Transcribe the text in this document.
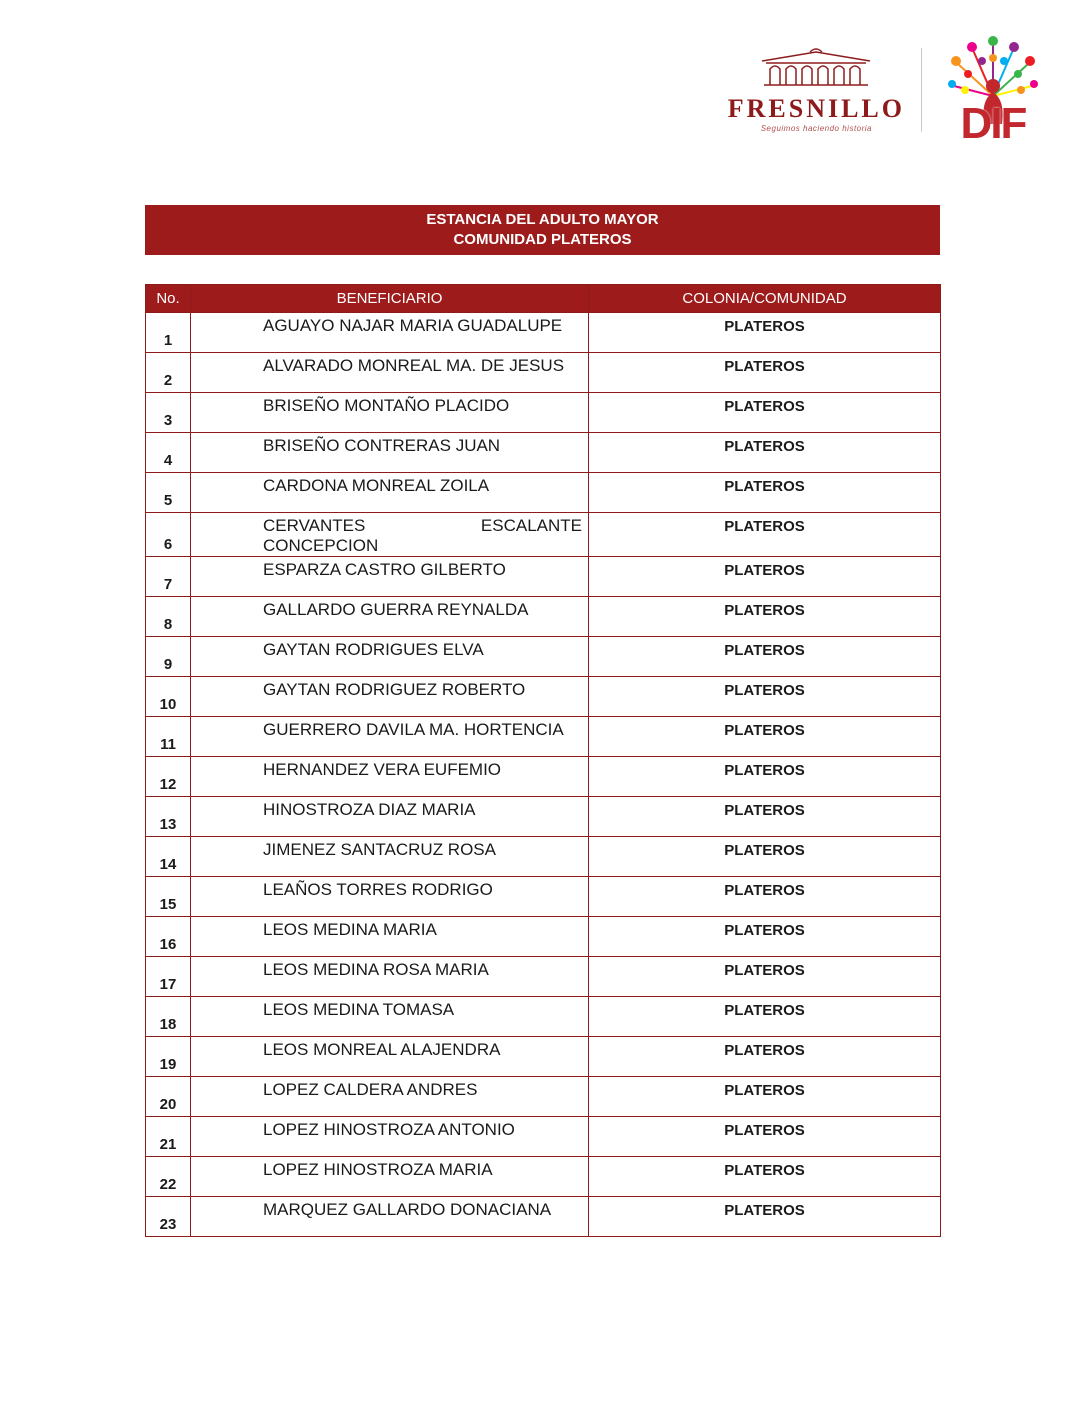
FRESNILLO
Seguimos haciendo historia DIF
ESTANCIA DEL ADULTO MAYOR
COMUNIDAD PLATEROS
No.	BENEFICIARIO	COLONIA/COMUNIDAD
1	AGUAYO NAJAR MARIA GUADALUPE	PLATEROS
2	ALVARADO MONREAL MA. DE JESUS	PLATEROS
3	BRISEÑO MONTAÑO PLACIDO	PLATEROS
4	BRISEÑO CONTRERAS JUAN	PLATEROS
5	CARDONA MONREAL ZOILA	PLATEROS
6	CERVANTES ESCALANTE CONCEPCION	PLATEROS
7	ESPARZA CASTRO GILBERTO	PLATEROS
8	GALLARDO GUERRA REYNALDA	PLATEROS
9	GAYTAN RODRIGUES ELVA	PLATEROS
10	GAYTAN RODRIGUEZ ROBERTO	PLATEROS
11	GUERRERO DAVILA MA. HORTENCIA	PLATEROS
12	HERNANDEZ VERA EUFEMIO	PLATEROS
13	HINOSTROZA DIAZ MARIA	PLATEROS
14	JIMENEZ SANTACRUZ ROSA	PLATEROS
15	LEAÑOS TORRES RODRIGO	PLATEROS
16	LEOS MEDINA MARIA	PLATEROS
17	LEOS MEDINA ROSA MARIA	PLATEROS
18	LEOS MEDINA TOMASA	PLATEROS
19	LEOS MONREAL ALAJENDRA	PLATEROS
20	LOPEZ CALDERA ANDRES	PLATEROS
21	LOPEZ HINOSTROZA ANTONIO	PLATEROS
22	LOPEZ HINOSTROZA MARIA	PLATEROS
23	MARQUEZ GALLARDO DONACIANA	PLATEROS
